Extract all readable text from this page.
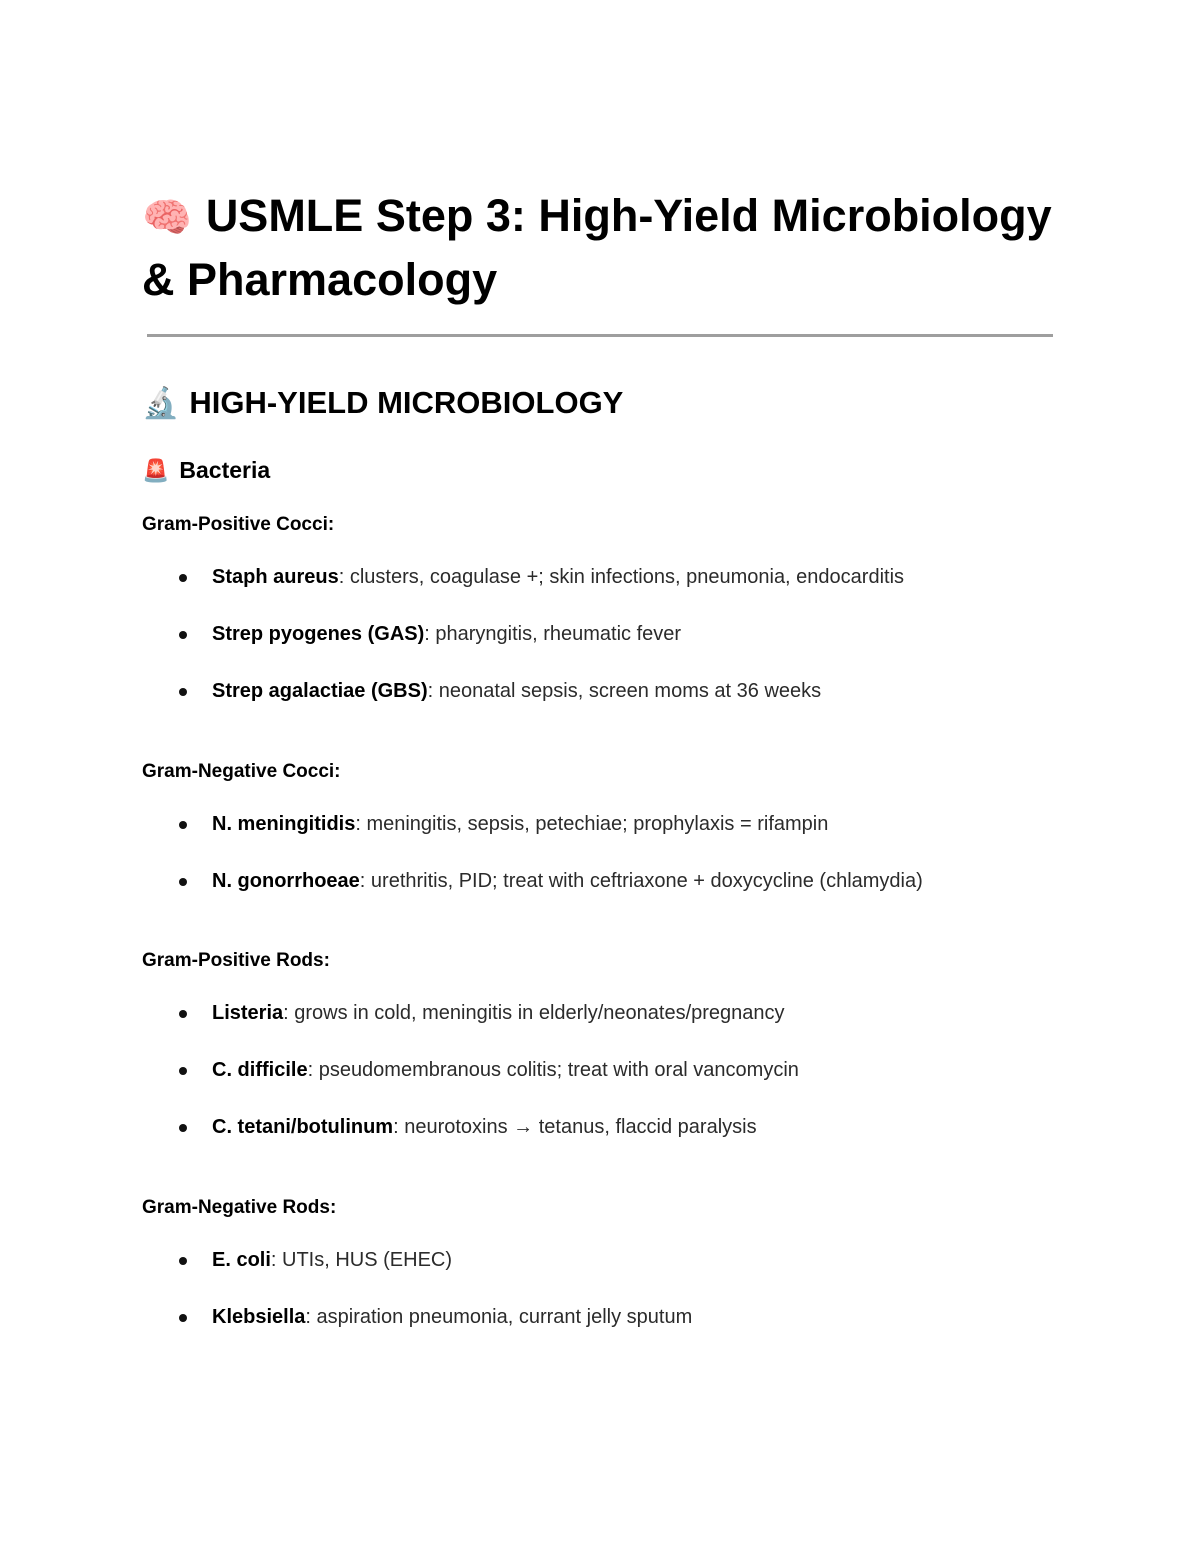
🧠 USMLE Step 3: High-Yield Microbiology & Pharmacology
🔬 HIGH-YIELD MICROBIOLOGY
🚨 Bacteria

Gram-Positive Cocci:

Staph aureus: clusters, coagulase +; skin infections, pneumonia, endocarditis
Strep pyogenes (GAS): pharyngitis, rheumatic fever
Strep agalactiae (GBS): neonatal sepsis, screen moms at 36 weeks

Gram-Negative Cocci:

N. meningitidis: meningitis, sepsis, petechiae; prophylaxis = rifampin
N. gonorrhoeae: urethritis, PID; treat with ceftriaxone + doxycycline (chlamydia)

Gram-Positive Rods:

Listeria: grows in cold, meningitis in elderly/neonates/pregnancy
C. difficile: pseudomembranous colitis; treat with oral vancomycin
C. tetani/botulinum: neurotoxins → tetanus, flaccid paralysis

Gram-Negative Rods:

E. coli: UTIs, HUS (EHEC)
Klebsiella: aspiration pneumonia, currant jelly sputum
